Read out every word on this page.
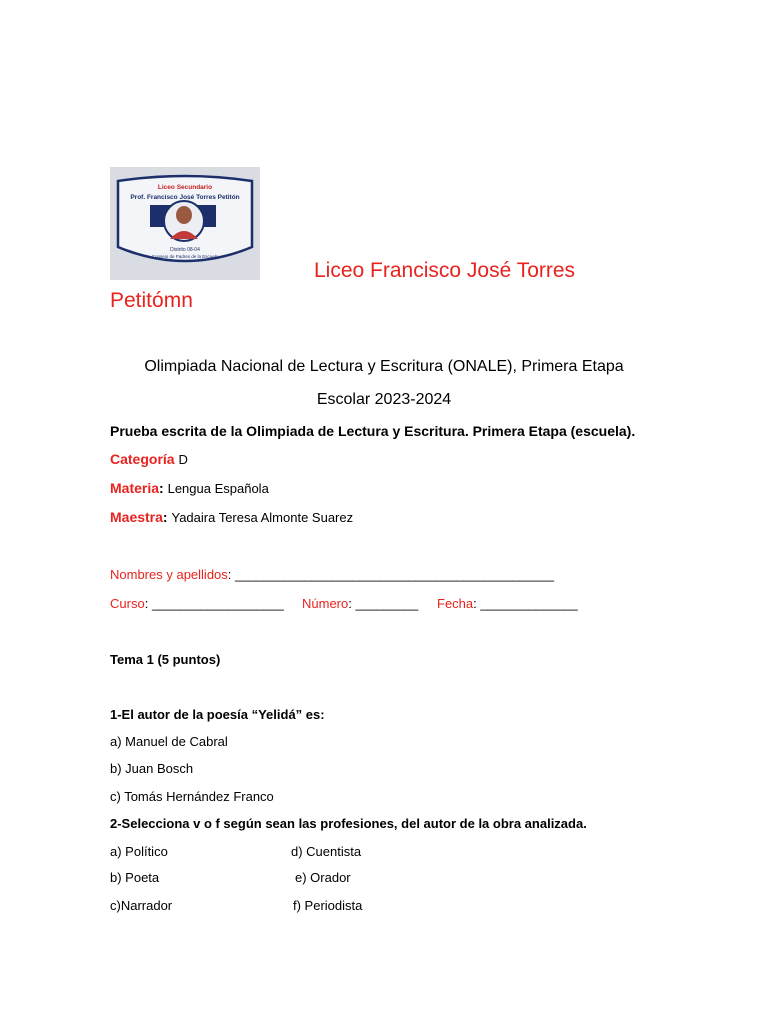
Liceo Secundario
Prof. Francisco José Torres Petitón
Distrito 08-04
Consejo de Padres de la Escuela
Liceo Francisco José Torres
Petitómn
Olimpiada Nacional de Lectura y Escritura (ONALE), Primera Etapa
Escolar 2023-2024
Prueba escrita de la Olimpiada de Lectura y Escritura. Primera Etapa (escuela).
Categoría D
Materia: Lengua Española
Maestra: Yadaira Teresa Almonte Suarez
Nombres y apellidos: ______________________________________________
Curso: ___________________ Número: _________ Fecha: ______________
Tema 1 (5 puntos)
1-El autor de la poesía “Yelidá” es:
a) Manuel de Cabral
b) Juan Bosch
c) Tomás Hernández Franco
2-Selecciona v o f según sean las profesiones, del autor de la obra analizada.
a) Político	d) Cuentista
b) Poeta	e) Orador
c)Narrador	f) Periodista
